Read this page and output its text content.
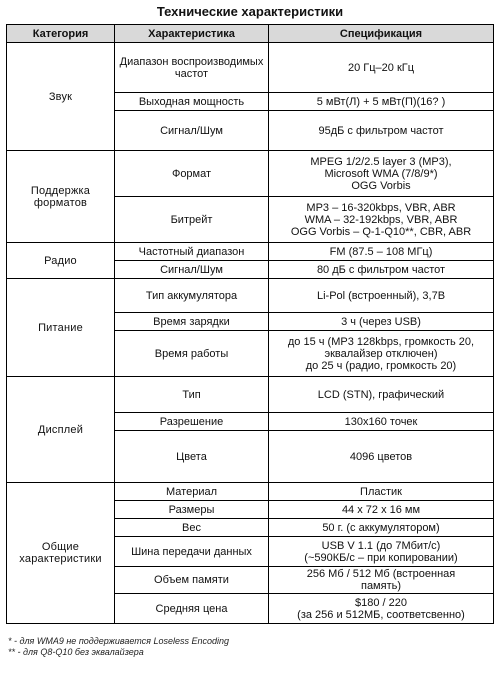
Технические характеристики
Категория	Характеристика	Спецификация
Звук	Диапазон воспроизводимых частот	20 Гц–20 кГц

	Выходная мощность	5 мВт(Л) + 5 мВт(П)(16? )

	Сигнал/Шум	95дБ с фильтром частот

Поддержка форматов	Формат	MPEG 1/2/2.5 layer 3 (MP3),
Microsoft WMA (7/8/9*)
OGG Vorbis

	Битрейт	MP3 – 16-320kbps, VBR, ABR
WMA – 32-192kbps, VBR, ABR
OGG Vorbis – Q-1-Q10**, CBR, ABR

Радио	Частотный диапазон	FM (87.5 – 108 МГц)

	Сигнал/Шум	80 дБ с фильтром частот

Питание	Тип аккумулятора	Li-Pol (встроенный), 3,7В

	Время зарядки	3 ч (через USB)

	Время работы	до 15 ч (MP3 128kbps, громкость 20,
эквалайзер отключен)
до 25 ч (радио, громкость 20)

Дисплей	Тип	LCD (STN), графический

	Разрешение	130x160 точек

	Цвета	4096 цветов

Общие характеристики	Материал	Пластик

	Размеры	44 x 72 x 16 мм

	Вес	50 г. (с аккумулятором)

	Шина передачи данных	USB V 1.1 (до 7Мбит/с)
(~590КБ/с – при копировании)

	Объем памяти	256 Мб / 512 Мб (встроенная
память)

	Средняя цена	$180 / 220
(за 256 и 512МБ, соответсвенно)
* - для WMA9 не поддерживается Loseless Encoding
** - для Q8-Q10 без эквалайзера
